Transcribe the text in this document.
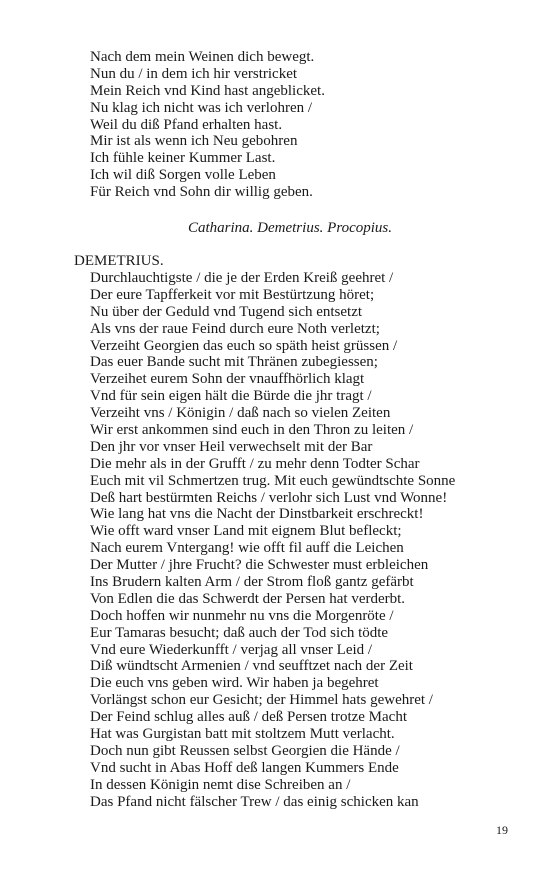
Nach dem mein Weinen dich bewegt.
Nun du / in dem ich hir verstricket
Mein Reich vnd Kind hast angeblicket.
Nu klag ich nicht was ich verlohren /
Weil du diß Pfand erhalten hast.
Mir ist als wenn ich Neu gebohren
Ich fühle keiner Kummer Last.
Ich wil diß Sorgen volle Leben
Für Reich vnd Sohn dir willig geben.
Catharina. Demetrius. Procopius.
DEMETRIUS.
Durchlauchtigste / die je der Erden Kreiß geehret /
Der eure Tapfferkeit vor mit Bestürtzung höret;
Nu über der Geduld vnd Tugend sich entsetzt
Als vns der raue Feind durch eure Noth verletzt;
Verzeiht Georgien das euch so späth heist grüssen /
Das euer Bande sucht mit Thränen zubegiessen;
Verzeihet eurem Sohn der vnauffhörlich klagt
Vnd für sein eigen hält die Bürde die jhr tragt /
Verzeiht vns / Königin / daß nach so vielen Zeiten
Wir erst ankommen sind euch in den Thron zu leiten /
Den jhr vor vnser Heil verwechselt mit der Bar
Die mehr als in der Grufft / zu mehr denn Todter Schar
Euch mit vil Schmertzen trug. Mit euch gewündtschte Sonne
Deß hart bestürmten Reichs / verlohr sich Lust vnd Wonne!
Wie lang hat vns die Nacht der Dinstbarkeit erschreckt!
Wie offt ward vnser Land mit eignem Blut befleckt;
Nach eurem Vntergang! wie offt fil auff die Leichen
Der Mutter / jhre Frucht? die Schwester must erbleichen
Ins Brudern kalten Arm / der Strom floß gantz gefärbt
Von Edlen die das Schwerdt der Persen hat verderbt.
Doch hoffen wir nunmehr nu vns die Morgenröte /
Eur Tamaras besucht; daß auch der Tod sich tödte
Vnd eure Wiederkunfft / verjag all vnser Leid /
Diß wündtscht Armenien / vnd seufftzet nach der Zeit
Die euch vns geben wird. Wir haben ja begehret
Vorlängst schon eur Gesicht; der Himmel hats gewehret /
Der Feind schlug alles auß / deß Persen trotze Macht
Hat was Gurgistan batt mit stoltzem Mutt verlacht.
Doch nun gibt Reussen selbst Georgien die Hände /
Vnd sucht in Abas Hoff deß langen Kummers Ende
In dessen Königin nemt dise Schreiben an /
Das Pfand nicht fälscher Trew / das einig schicken kan
19
